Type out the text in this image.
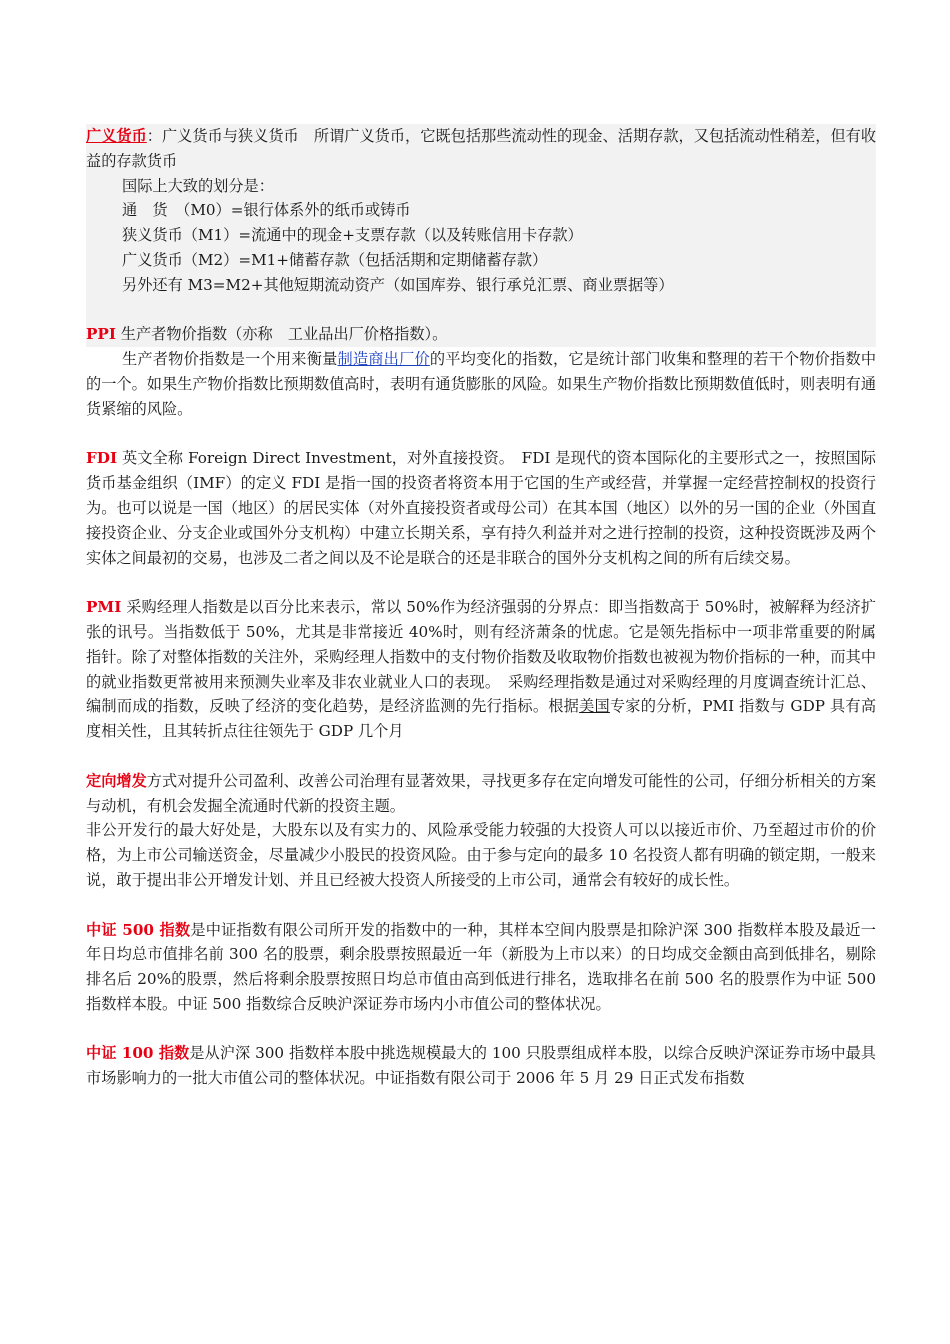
广义货币：广义货币与狭义货币　所谓广义货币，它既包括那些流动性的现金、活期存款，又包括流动性稍差，但有收益的存款货币

国际上大致的划分是：

通　货　（M0）=银行体系外的纸币或铸币

狭义货币（M1）=流通中的现金+支票存款（以及转账信用卡存款）

广义货币（M2）=M1+储蓄存款（包括活期和定期储蓄存款）

另外还有 M3=M2+其他短期流动资产（如国库券、银行承兑汇票、商业票据等）

PPI 生产者物价指数（亦称　工业品出厂价格指数）。

生产者物价指数是一个用来衡量制造商出厂价的平均变化的指数，它是统计部门收集和整理的若干个物价指数中的一个。如果生产物价指数比预期数值高时，表明有通货膨胀的风险。如果生产物价指数比预期数值低时，则表明有通货紧缩的风险。

FDI 英文全称 Foreign Direct Investment，对外直接投资。　FDI 是现代的资本国际化的主要形式之一，按照国际货币基金组织（IMF）的定义 FDI 是指一国的投资者将资本用于它国的生产或经营，并掌握一定经营控制权的投资行为。也可以说是一国（地区）的居民实体（对外直接投资者或母公司）在其本国（地区）以外的另一国的企业（外国直接投资企业、分支企业或国外分支机构）中建立长期关系，享有持久利益并对之进行控制的投资，这种投资既涉及两个实体之间最初的交易，也涉及二者之间以及不论是联合的还是非联合的国外分支机构之间的所有后续交易。

PMI 采购经理人指数是以百分比来表示，常以 50%作为经济强弱的分界点：即当指数高于 50%时，被解释为经济扩张的讯号。当指数低于 50%，尤其是非常接近 40%时，则有经济萧条的忧虑。它是领先指标中一项非常重要的附属指针。除了对整体指数的关注外，采购经理人指数中的支付物价指数及收取物价指数也被视为物价指标的一种，而其中的就业指数更常被用来预测失业率及非农业就业人口的表现。　采购经理指数是通过对采购经理的月度调查统计汇总、编制而成的指数，反映了经济的变化趋势，是经济监测的先行指标。根据美国专家的分析，PMI 指数与 GDP 具有高度相关性，且其转折点往往领先于 GDP 几个月

定向增发方式对提升公司盈利、改善公司治理有显著效果，寻找更多存在定向增发可能性的公司，仔细分析相关的方案与动机，有机会发掘全流通时代新的投资主题。

非公开发行的最大好处是，大股东以及有实力的、风险承受能力较强的大投资人可以以接近市价、乃至超过市价的价格，为上市公司输送资金，尽量减少小股民的投资风险。由于参与定向的最多 10 名投资人都有明确的锁定期，一般来说，敢于提出非公开增发计划、并且已经被大投资人所接受的上市公司，通常会有较好的成长性。

中证 500 指数是中证指数有限公司所开发的指数中的一种，其样本空间内股票是扣除沪深 300 指数样本股及最近一年日均总市值排名前 300 名的股票，剩余股票按照最近一年（新股为上市以来）的日均成交金额由高到低排名，剔除排名后 20%的股票，然后将剩余股票按照日均总市值由高到低进行排名，选取排名在前 500 名的股票作为中证 500 指数样本股。中证 500 指数综合反映沪深证券市场内小市值公司的整体状况。

中证 100 指数是从沪深 300 指数样本股中挑选规模最大的 100 只股票组成样本股，以综合反映沪深证券市场中最具市场影响力的一批大市值公司的整体状况。中证指数有限公司于 2006 年 5 月 29 日正式发布指数
